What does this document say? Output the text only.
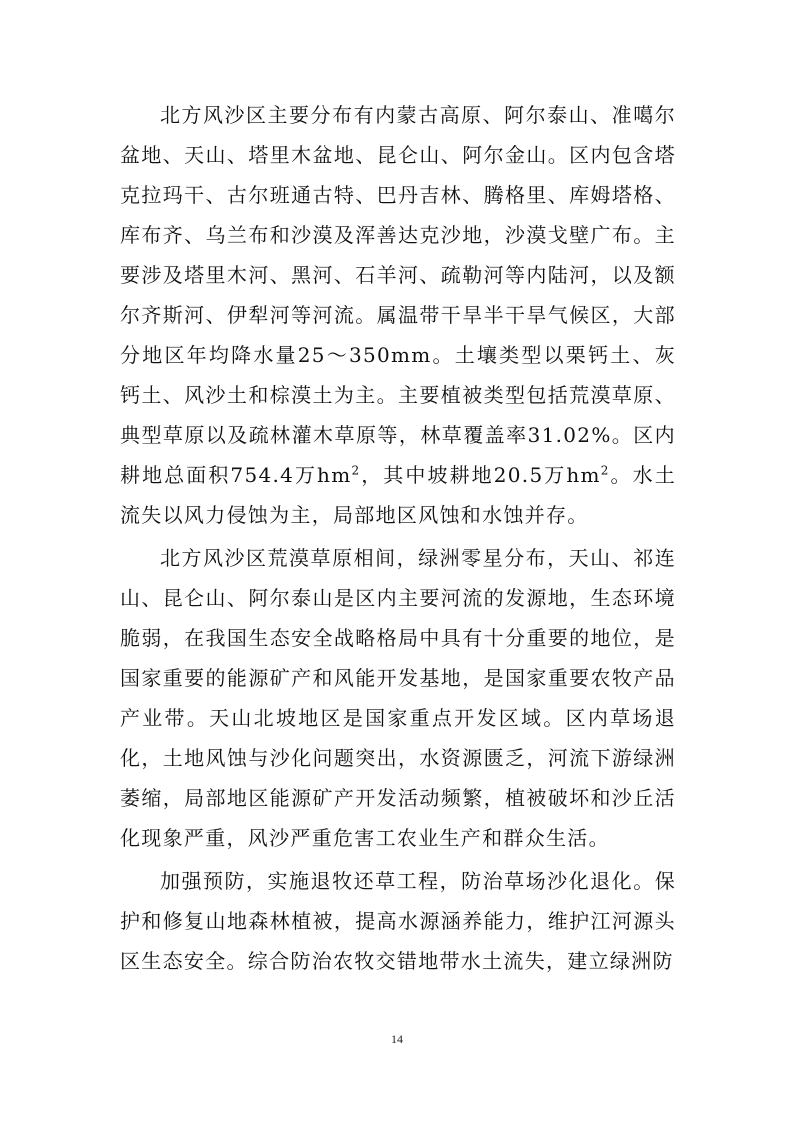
北方风沙区主要分布有内蒙古高原、阿尔泰山、准噶尔盆地、天山、塔里木盆地、昆仑山、阿尔金山。区内包含塔克拉玛干、古尔班通古特、巴丹吉林、腾格里、库姆塔格、库布齐、乌兰布和沙漠及浑善达克沙地，沙漠戈壁广布。主要涉及塔里木河、黑河、石羊河、疏勒河等内陆河，以及额尔齐斯河、伊犁河等河流。属温带干旱半干旱气候区，大部分地区年均降水量25～350mm。土壤类型以栗钙土、灰钙土、风沙土和棕漠土为主。主要植被类型包括荒漠草原、典型草原以及疏林灌木草原等，林草覆盖率31.02%。区内耕地总面积754.4万$hm^2$，其中坡耕地20.5万$hm^2$。水土流失以风力侵蚀为主，局部地区风蚀和水蚀并存。

北方风沙区荒漠草原相间，绿洲零星分布，天山、祁连山、昆仑山、阿尔泰山是区内主要河流的发源地，生态环境脆弱，在我国生态安全战略格局中具有十分重要的地位，是国家重要的能源矿产和风能开发基地，是国家重要农牧产品产业带。天山北坡地区是国家重点开发区域。区内草场退化，土地风蚀与沙化问题突出，水资源匮乏，河流下游绿洲萎缩，局部地区能源矿产开发活动频繁，植被破坏和沙丘活化现象严重，风沙严重危害工农业生产和群众生活。

加强预防，实施退牧还草工程，防治草场沙化退化。保护和修复山地森林植被，提高水源涵养能力，维护江河源头区生态安全。综合防治农牧交错地带水土流失，建立绿洲防

14
